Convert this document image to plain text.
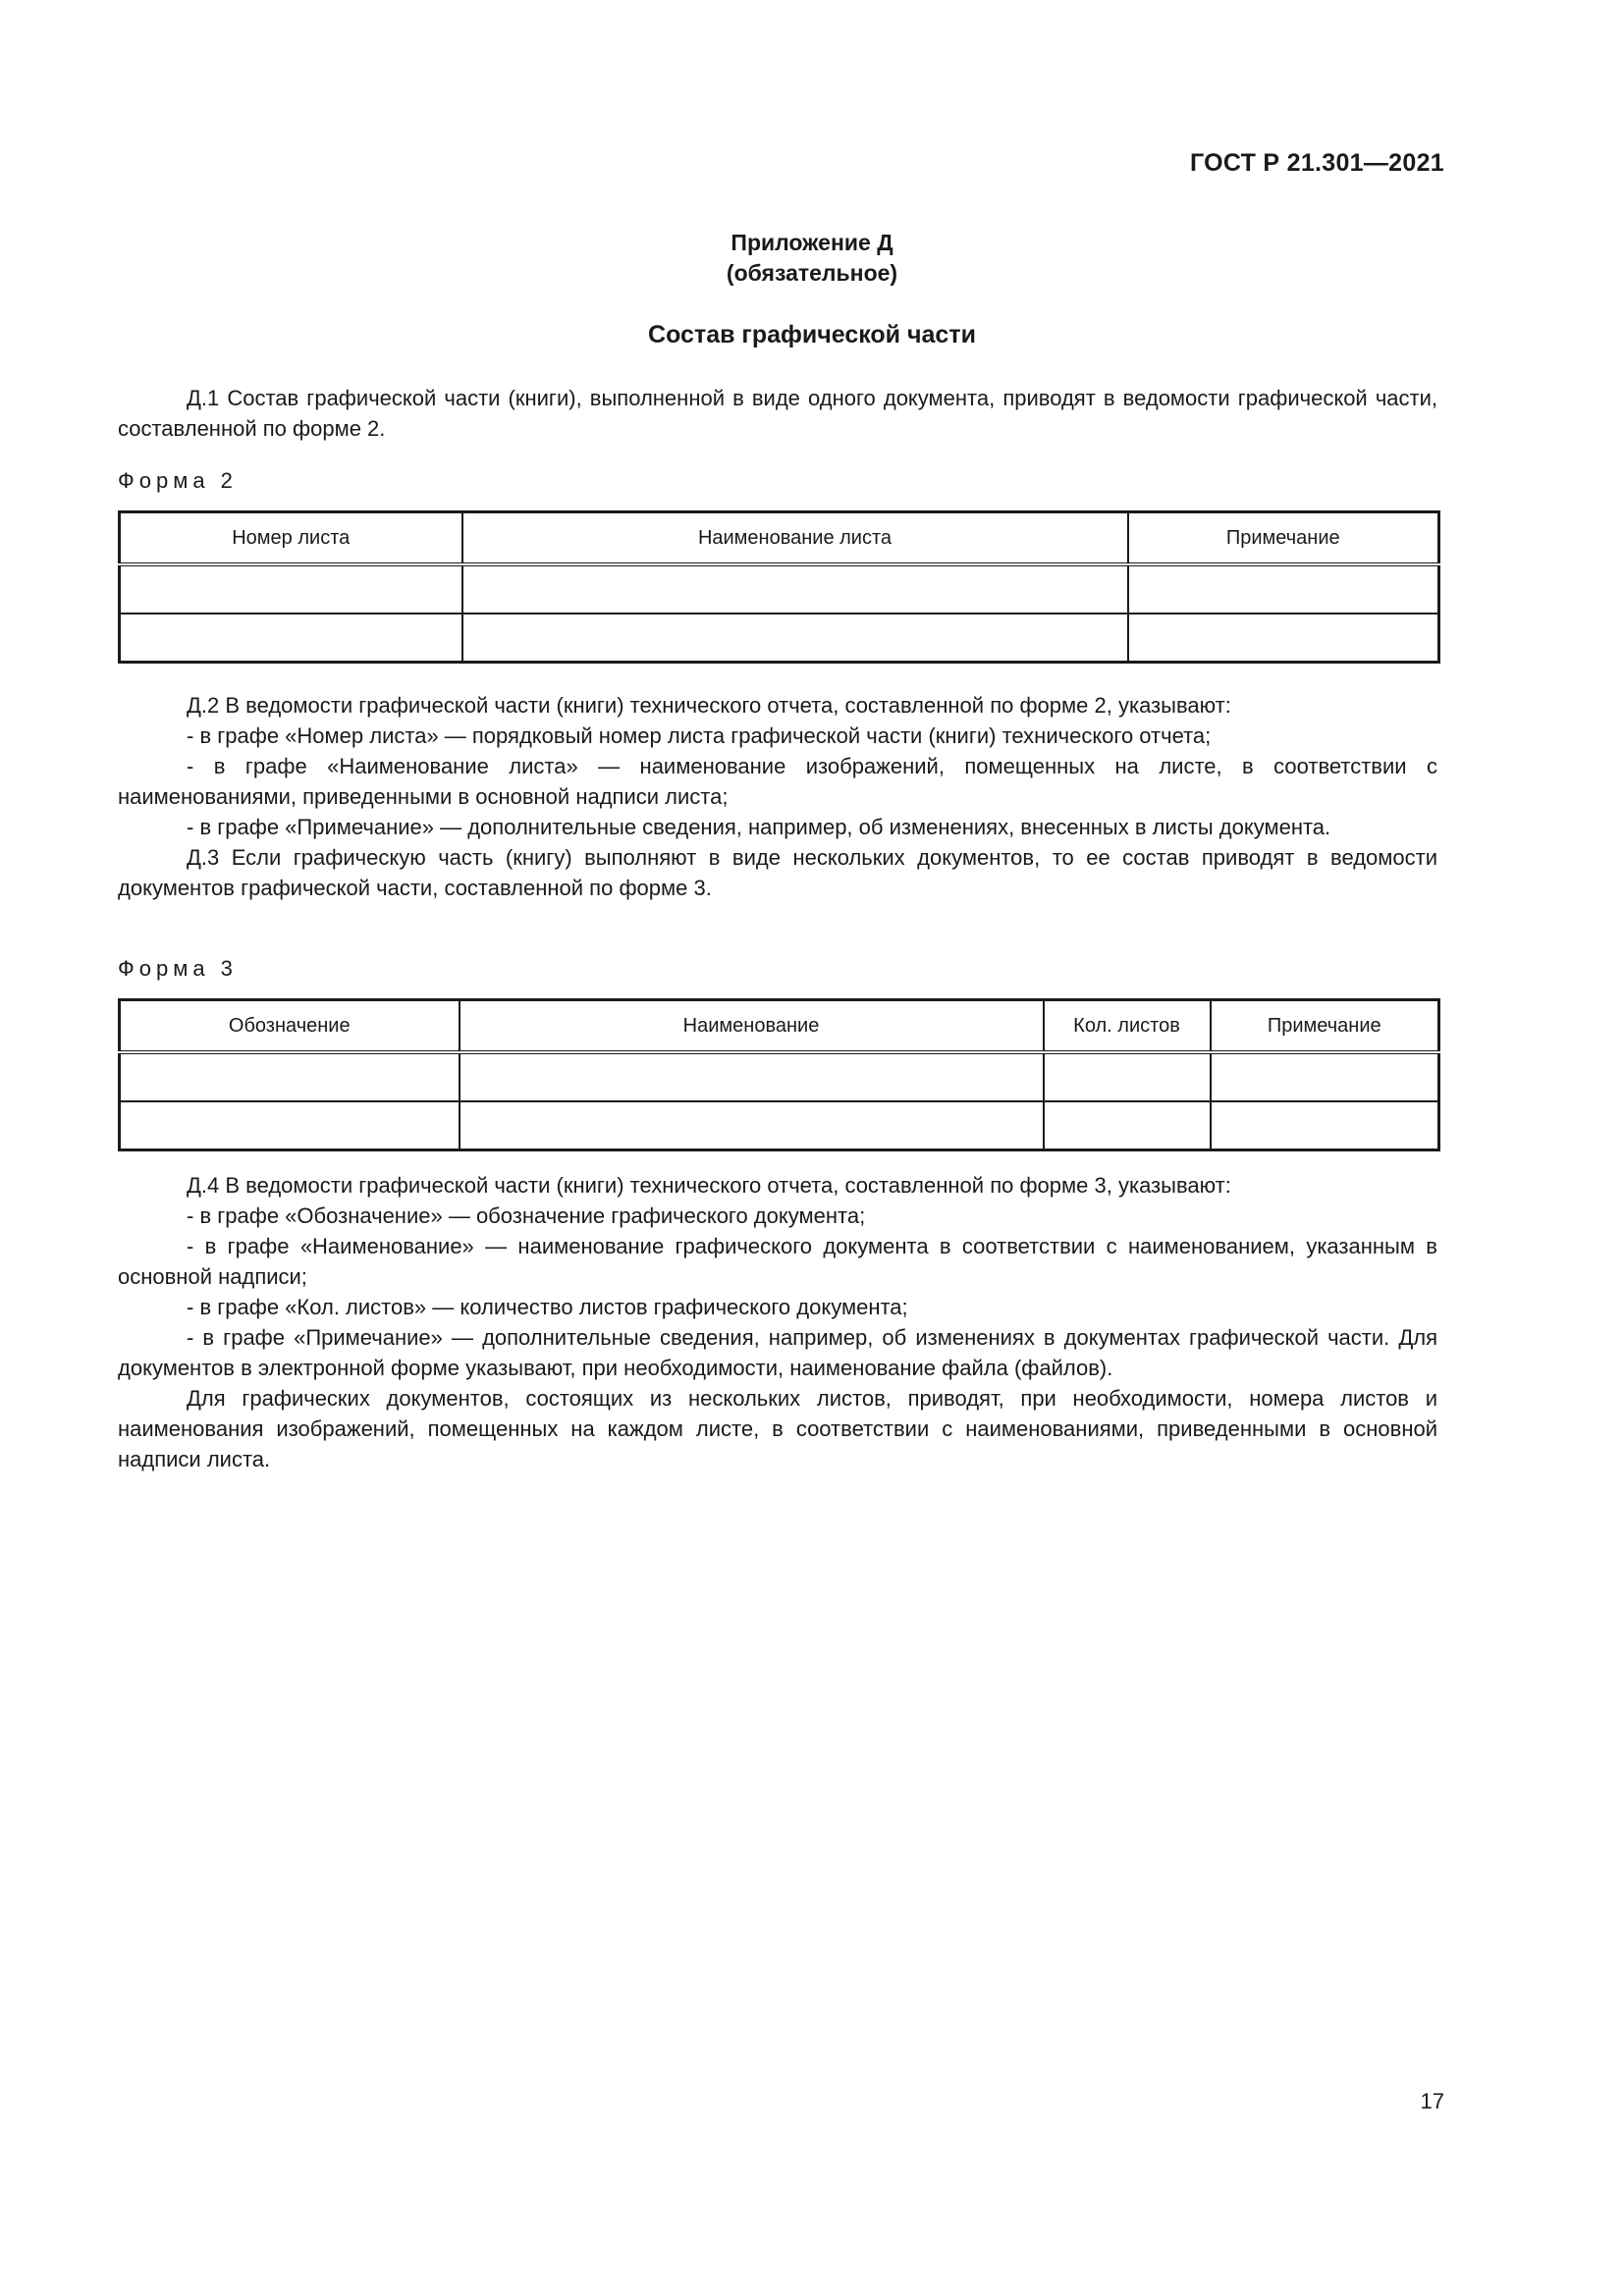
ГОСТ Р 21.301—2021
Приложение Д
(обязательное)
Состав графической части

Д.1 Состав графической части (книги), выполненной в виде одного документа, приводят в ведомости графической части, составленной по форме 2.

Форма 2
Номер листа	Наименование листа	Примечание

Д.2 В ведомости графической части (книги) технического отчета, составленной по форме 2, указывают:

- в графе «Номер листа» — порядковый номер листа графической части (книги) технического отчета;

- в графе «Наименование листа» — наименование изображений, помещенных на листе, в соответствии с наименованиями, приведенными в основной надписи листа;

- в графе «Примечание» — дополнительные сведения, например, об изменениях, внесенных в листы документа.

Д.3 Если графическую часть (книгу) выполняют в виде нескольких документов, то ее состав приводят в ведомости документов графической части, составленной по форме 3.

Форма 3
Обозначение	Наименование	Кол. листов	Примечание

Д.4 В ведомости графической части (книги) технического отчета, составленной по форме 3, указывают:

- в графе «Обозначение» — обозначение графического документа;

- в графе «Наименование» — наименование графического документа в соответствии с наименованием, указанным в основной надписи;

- в графе «Кол. листов» — количество листов графического документа;

- в графе «Примечание» — дополнительные сведения, например, об изменениях в документах графической части. Для документов в электронной форме указывают, при необходимости, наименование файла (файлов).

Для графических документов, состоящих из нескольких листов, приводят, при необходимости, номера листов и наименования изображений, помещенных на каждом листе, в соответствии с наименованиями, приведенными в основной надписи листа.

17
